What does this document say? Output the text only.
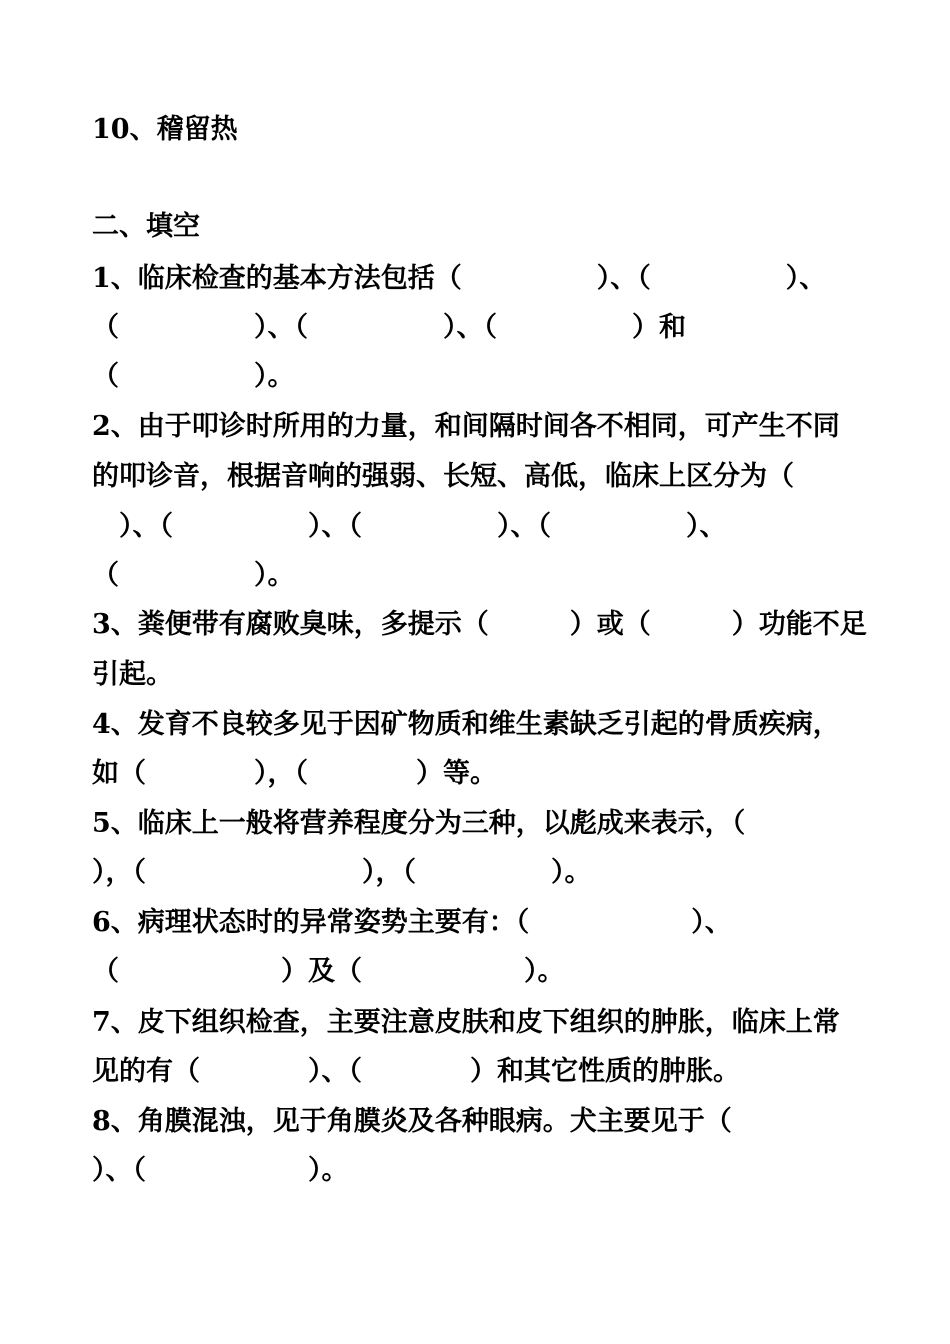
10、稽留热
二、填空
1、临床检查的基本方法包括（　　　　　）、（　　　　　）、
（　　　　　）、（　　　　　）、（　　　　　）和
（　　　　　）。
2、由于叩诊时所用的力量，和间隔时间各不相同，可产生不同
的叩诊音，根据音响的强弱、长短、高低，临床上区分为（
　）、（　　　　　）、（　　　　　）、（　　　　　）、
（　　　　　）。
3、粪便带有腐败臭味，多提示（　　　）或（　　　）功能不足
引起。
4、发育不良较多见于因矿物质和维生素缺乏引起的骨质疾病，
如（　　　　），（　　　　）等。
5、临床上一般将营养程度分为三种，以彪成来表示，（
），（　　　　　　　　），（　　　　　）。
6、病理状态时的异常姿势主要有：（　　　　　　）、
（　　　　　　）及（　　　　　　）。
7、皮下组织检查，主要注意皮肤和皮下组织的肿胀，临床上常
见的有（　　　　）、（　　　　）和其它性质的肿胀。
8、角膜混浊，见于角膜炎及各种眼病。犬主要见于（
）、（　　　　　　）。
